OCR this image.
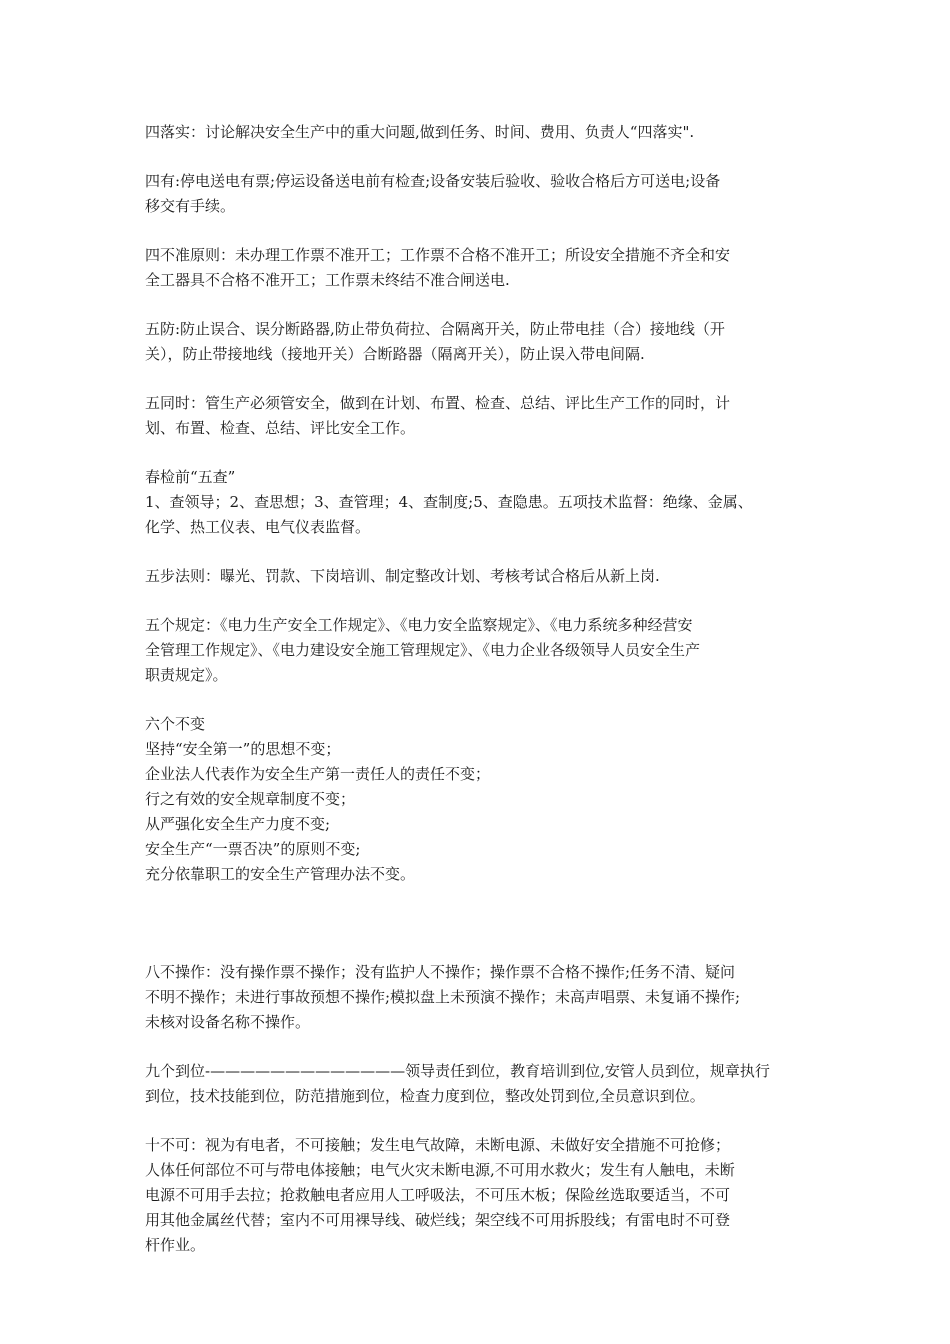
四落实：讨论解决安全生产中的重大问题,做到任务、时间、费用、负责人“四落实".
四有:停电送电有票;停运设备送电前有检查;设备安装后验收、验收合格后方可送电;设备
移交有手续。
四不准原则：未办理工作票不准开工；工作票不合格不准开工；所设安全措施不齐全和安
全工器具不合格不准开工；工作票未终结不准合闸送电.
五防:防止误合、误分断路器,防止带负荷拉、合隔离开关，防止带电挂（合）接地线（开
关），防止带接地线（接地开关）合断路器（隔离开关），防止误入带电间隔.
五同时：管生产必须管安全，做到在计划、布置、检查、总结、评比生产工作的同时，计
划、布置、检查、总结、评比安全工作。
春检前“五查”
1、查领导；2、查思想；3、查管理；4、查制度;5、查隐患。五项技术监督：绝缘、金属、
化学、热工仪表、电气仪表监督。
五步法则：曝光、罚款、下岗培训、制定整改计划、考核考试合格后从新上岗.
五个规定：《电力生产安全工作规定》、《电力安全监察规定》、《电力系统多种经营安
全管理工作规定》、《电力建设安全施工管理规定》、《电力企业各级领导人员安全生产
职责规定》。
六个不变
坚持“安全第一”的思想不变；
企业法人代表作为安全生产第一责任人的责任不变；
行之有效的安全规章制度不变；
从严强化安全生产力度不变;
安全生产“一票否决”的原则不变;
充分依靠职工的安全生产管理办法不变。
八不操作：没有操作票不操作；没有监护人不操作；操作票不合格不操作;任务不清、疑问
不明不操作；未进行事故预想不操作;模拟盘上未预演不操作；未高声唱票、未复诵不操作;
未核对设备名称不操作。
九个到位-—————————————领导责任到位，教育培训到位,安管人员到位，规章执行
到位，技术技能到位，防范措施到位，检查力度到位，整改处罚到位,全员意识到位。
十不可：视为有电者，不可接触；发生电气故障，未断电源、未做好安全措施不可抢修；
人体任何部位不可与带电体接触；电气火灾未断电源,不可用水救火；发生有人触电，未断
电源不可用手去拉；抢救触电者应用人工呼吸法，不可压木板；保险丝选取要适当，不可
用其他金属丝代替；室内不可用裸导线、破烂线；架空线不可用拆股线；有雷电时不可登
杆作业。
